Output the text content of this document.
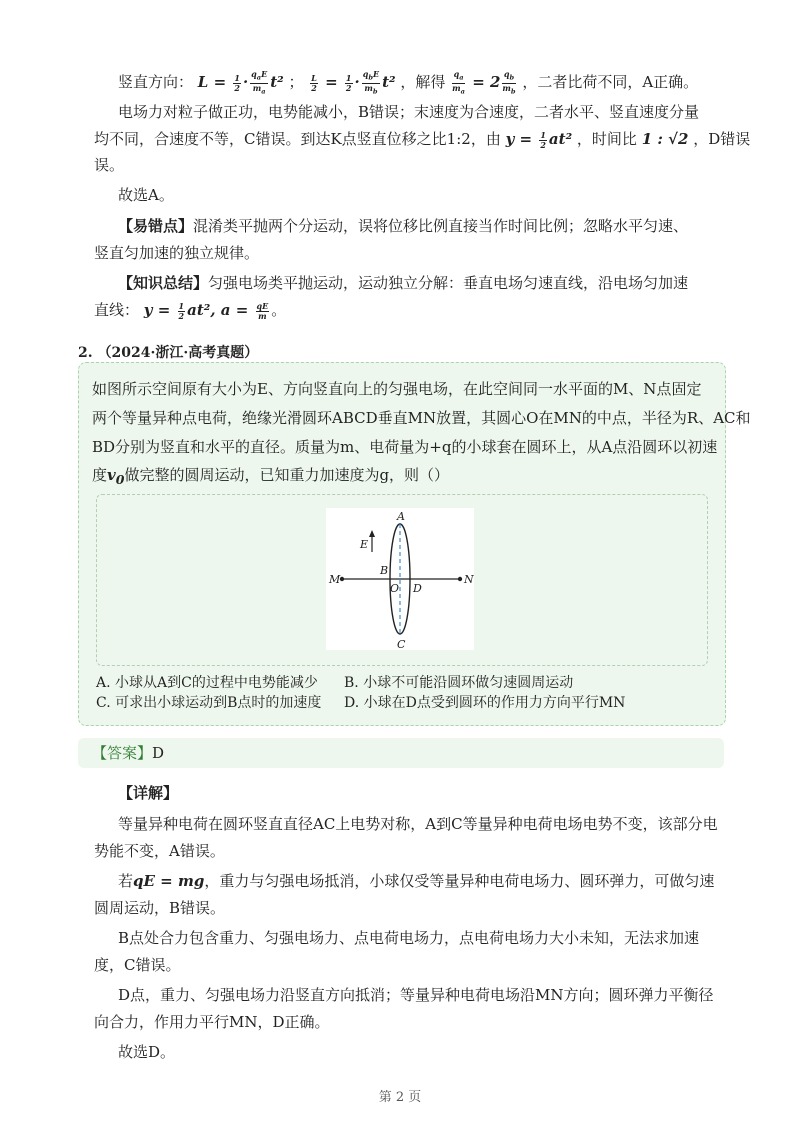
竖直方向： $L = \frac{1}{2} \cdot \frac{q_aE}{m_a} t^2$ ； $\frac{L}{2} = \frac{1}{2} \cdot \frac{q_bE}{m_b} t^2$ ，解得 $\frac{q_a}{m_a} = 2 \frac{q_b}{m_b}$ ，二者比荷不同，A正确。
电场力对粒子做正功，电势能减小，B错误；末速度为合速度，二者水平、竖直速度分量
均不同，合速度不等，C错误。到达K点竖直位移之比1:2，由 $y = \frac{1}{2} at^2$ ，时间比 1 : √2 ，D错误
误。
故选A。
【易错点】混淆类平抛两个分运动，误将位移比例直接当作时间比例；忽略水平匀速、
竖直匀加速的独立规律。
【知识总结】匀强电场类平抛运动，运动独立分解：垂直电场匀速直线，沿电场匀加速
直线： $y = \frac{1}{2} at^2$, $a = \frac{qE}{m}$ 。
2. （2024·浙江·高考真题）
如图所示空间原有大小为E、方向竖直向上的匀强电场，在此空间同一水平面的M、N点固定
两个等量异种点电荷，绝缘光滑圆环ABCD垂直MN放置，其圆心O在MN的中点，半径为R、AC和
BD分别为竖直和水平的直径。质量为m、电荷量为+q的小球套在圆环上，从A点沿圆环以初速
度$v_0$做完整的圆周运动，已知重力加速度为g，则（）
E
A
C
M	N
B
O D
A. 小球从A到C的过程中电势能减少 B. 小球不可能沿圆环做匀速圆周运动
C. 可求出小球运动到B点时的加速度 D. 小球在D点受到圆环的作用力方向平行MN
【答案】D
【详解】
等量异种电荷在圆环竖直直径AC上电势对称，A到C等量异种电荷电场电势不变，该部分电
势能不变，A错误。
若qE = mg，重力与匀强电场抵消，小球仅受等量异种电荷电场力、圆环弹力，可做匀速
圆周运动，B错误。
B点处合力包含重力、匀强电场力、点电荷电场力，点电荷电场力大小未知，无法求加速
度，C错误。
D点，重力、匀强电场力沿竖直方向抵消；等量异种电荷电场沿MN方向；圆环弹力平衡径
向合力，作用力平行MN，D正确。
故选D。
第 2 页
